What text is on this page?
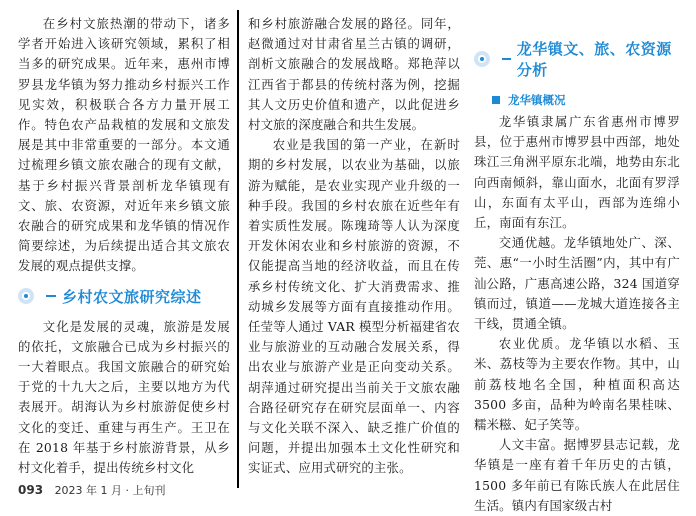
在乡村文旅热潮的带动下，诸多学者开始进入该研究领域，累积了相当多的研究成果。近年来，惠州市博罗县龙华镇为努力推动乡村振兴工作见实效，积极联合各方力量开展工作。特色农产品栽植的发展和文旅发展是其中非常重要的一部分。本文通过梳理乡镇文旅农融合的现有文献，基于乡村振兴背景剖析龙华镇现有文、旅、农资源，对近年来乡镇文旅农融合的研究成果和龙华镇的情况作简要综述，为后续提出适合其文旅农发展的观点提供支撑。

乡村农文旅研究综述

文化是发展的灵魂，旅游是发展的依托，文旅融合已成为乡村振兴的一大着眼点。我国文旅融合的研究始于党的十九大之后，主要以地方为代表展开。胡海认为乡村旅游促使乡村文化的变迁、重建与再生产。王卫在在 2018 年基于乡村旅游背景，从乡村文化着手，提出传统乡村文化

和乡村旅游融合发展的路径。同年，赵微通过对甘肃省星兰古镇的调研，剖析文旅融合的发展战略。郑艳萍以江西省于都县的传统村落为例，挖掘其人文历史价值和遗产，以此促进乡村文旅的深度融合和共生发展。

农业是我国的第一产业，在新时期的乡村发展，以农业为基础，以旅游为赋能，是农业实现产业升级的一种手段。我国的乡村农旅在近些年有着实质性发展。陈瑰琦等人认为深度开发休闲农业和乡村旅游的资源，不仅能提高当地的经济收益，而且在传承乡村传统文化、扩大消费需求、推动城乡发展等方面有直接推动作用。任莹等人通过 VAR 模型分析福建省农业与旅游业的互动融合发展关系，得出农业与旅游产业是正向变动关系。胡萍通过研究提出当前关于文旅农融合路径研究存在研究层面单一、内容与文化关联不深入、缺乏推广价值的问题，并提出加强本土文化性研究和实证式、应用式研究的主张。

龙华镇文、旅、农资源分析
龙华镇概况

龙华镇隶属广东省惠州市博罗县，位于惠州市博罗县中西部，地处珠江三角洲平原东北端，地势由东北向西南倾斜，靠山面水，北面有罗浮山，东面有太平山，西部为连绵小丘，南面有东江。

交通优越。龙华镇地处广、深、莞、惠“一小时生活圈”内，其中有广汕公路，广惠高速公路，324 国道穿镇而过，镇道——龙城大道连接各主干线，贯通全镇。

农业优质。龙华镇以水稻、玉米、荔枝等为主要农作物。其中，山前荔枝地名全国，种植面积高达 3500 多亩，品种为岭南名果桂味、糯米糍、妃子笑等。

人文丰富。据博罗县志记载，龙华镇是一座有着千年历史的古镇，1500 多年前已有陈氏族人在此居住生活。镇内有国家级古村

093 2023 年 1 月 · 上旬刊
